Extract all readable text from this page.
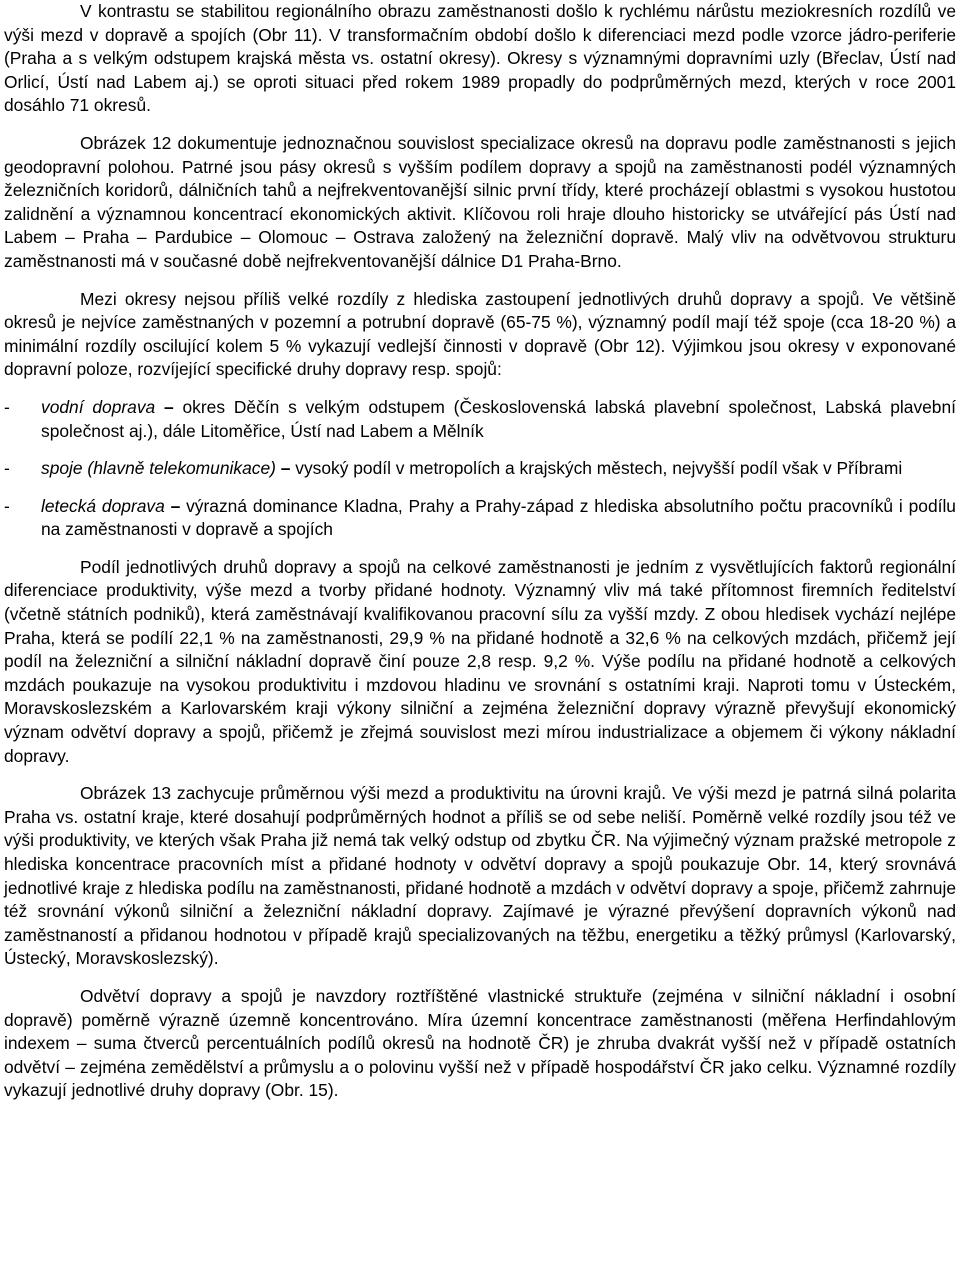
V kontrastu se stabilitou regionálního obrazu zaměstnanosti došlo k rychlému nárůstu meziokresních rozdílů ve výši mezd v dopravě a spojích (Obr 11). V transformačním období došlo k diferenciaci mezd podle vzorce jádro-periferie (Praha a s velkým odstupem krajská města vs. ostatní okresy). Okresy s významnými dopravními uzly (Břeclav, Ústí nad Orlicí, Ústí nad Labem aj.) se oproti situaci před rokem 1989 propadly do podprůměrných mezd, kterých v roce 2001 dosáhlo 71 okresů.

Obrázek 12 dokumentuje jednoznačnou souvislost specializace okresů na dopravu podle zaměstnanosti s jejich geodopravní polohou. Patrné jsou pásy okresů s vyšším podílem dopravy a spojů na zaměstnanosti podél významných železničních koridorů, dálničních tahů a nejfrekventovanější silnic první třídy, které procházejí oblastmi s vysokou hustotou zalidnění a významnou koncentrací ekonomických aktivit. Klíčovou roli hraje dlouho historicky se utvářející pás Ústí nad Labem – Praha – Pardubice – Olomouc – Ostrava založený na železniční dopravě. Malý vliv na odvětvovou strukturu zaměstnanosti má v současné době nejfrekventovanější dálnice D1 Praha-Brno.

Mezi okresy nejsou příliš velké rozdíly z hlediska zastoupení jednotlivých druhů dopravy a spojů. Ve většině okresů je nejvíce zaměstnaných v pozemní a potrubní dopravě (65-75 %), významný podíl mají též spoje (cca 18-20 %) a minimální rozdíly oscilující kolem 5 % vykazují vedlejší činnosti v dopravě (Obr 12). Výjimkou jsou okresy v exponované dopravní poloze, rozvíjející specifické druhy dopravy resp. spojů:

- vodní doprava – okres Děčín s velkým odstupem (Československá labská plavební společnost, Labská plavební společnost aj.), dále Litoměřice, Ústí nad Labem a Mělník
- spoje (hlavně telekomunikace) – vysoký podíl v metropolích a krajských městech, nejvyšší podíl však v Příbrami
- letecká doprava – výrazná dominance Kladna, Prahy a Prahy-západ z hlediska absolutního počtu pracovníků i podílu na zaměstnanosti v dopravě a spojích

Podíl jednotlivých druhů dopravy a spojů na celkové zaměstnanosti je jedním z vysvětlujících faktorů regionální diferenciace produktivity, výše mezd a tvorby přidané hodnoty. Významný vliv má také přítomnost firemních ředitelství (včetně státních podniků), která zaměstnávají kvalifikovanou pracovní sílu za vyšší mzdy. Z obou hledisek vychází nejlépe Praha, která se podílí 22,1 % na zaměstnanosti, 29,9 % na přidané hodnotě a 32,6 % na celkových mzdách, přičemž její podíl na železniční a silniční nákladní dopravě činí pouze 2,8 resp. 9,2 %. Výše podílu na přidané hodnotě a celkových mzdách poukazuje na vysokou produktivitu i mzdovou hladinu ve srovnání s ostatními kraji. Naproti tomu v Ústeckém, Moravskoslezském a Karlovarském kraji výkony silniční a zejména železniční dopravy výrazně převyšují ekonomický význam odvětví dopravy a spojů, přičemž je zřejmá souvislost mezi mírou industrializace a objemem či výkony nákladní dopravy.

Obrázek 13 zachycuje průměrnou výši mezd a produktivitu na úrovni krajů. Ve výši mezd je patrná silná polarita Praha vs. ostatní kraje, které dosahují podprůměrných hodnot a příliš se od sebe neliší. Poměrně velké rozdíly jsou též ve výši produktivity, ve kterých však Praha již nemá tak velký odstup od zbytku ČR. Na výjimečný význam pražské metropole z hlediska koncentrace pracovních míst a přidané hodnoty v odvětví dopravy a spojů poukazuje Obr. 14, který srovnává jednotlivé kraje z hlediska podílu na zaměstnanosti, přidané hodnotě a mzdách v odvětví dopravy a spoje, přičemž zahrnuje též srovnání výkonů silniční a železniční nákladní dopravy. Zajímavé je výrazné převýšení dopravních výkonů nad zaměstnaností a přidanou hodnotou v případě krajů specializovaných na těžbu, energetiku a těžký průmysl (Karlovarský, Ústecký, Moravskoslezský).

Odvětví dopravy a spojů je navzdory roztříštěné vlastnické struktuře (zejména v silniční nákladní i osobní dopravě) poměrně výrazně územně koncentrováno. Míra územní koncentrace zaměstnanosti (měřena Herfindahlovým indexem – suma čtverců percentuálních podílů okresů na hodnotě ČR) je zhruba dvakrát vyšší než v případě ostatních odvětví – zejména zemědělství a průmyslu a o polovinu vyšší než v případě hospodářství ČR jako celku. Významné rozdíly vykazují jednotlivé druhy dopravy (Obr. 15).
